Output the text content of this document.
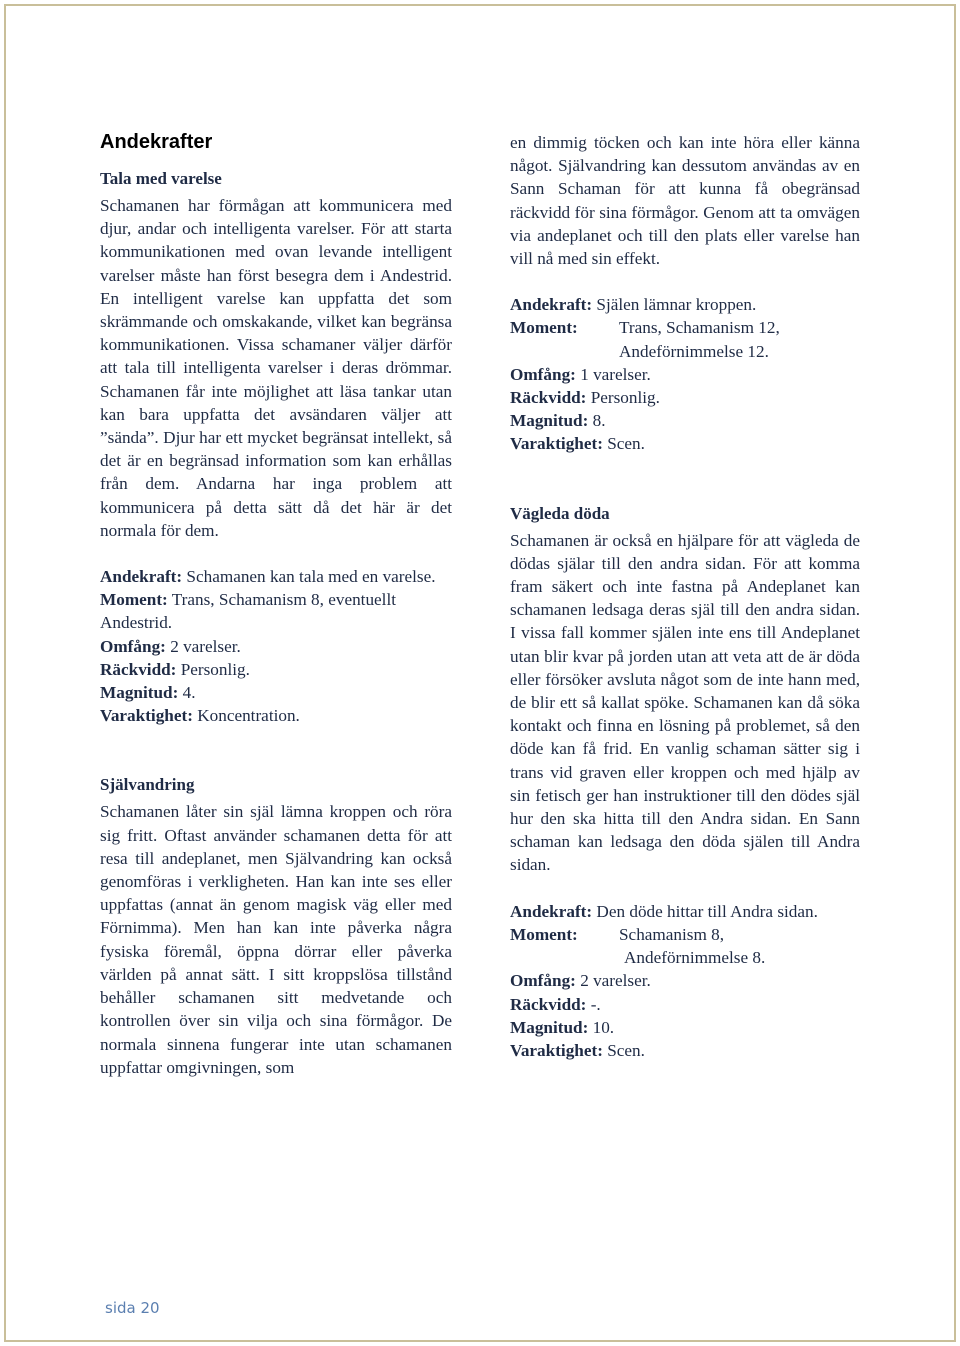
Andekrafter
Tala med varelse

Schamanen har förmågan att kommunicera med djur, andar och intelligenta varelser. För att starta kommunikationen med ovan levande intelligent varelser måste han först besegra dem i Andestrid. En intelligent varelse kan uppfatta det som skrämmande och omskakande, vilket kan begränsa kommunikationen. Vissa schamaner väljer därför att tala till intelligenta varelser i deras drömmar. Schamanen får inte möjlighet att läsa tankar utan kan bara uppfatta det avsändaren väljer att ”sända”. Djur har ett mycket begränsat intellekt, så det är en begränsad information som kan erhållas från dem. Andarna har inga problem att kommunicera på detta sätt då det här är det normala för dem.

Andekraft: Schamanen kan tala med en varelse.
Moment: Trans, Schamanism 8, eventuellt Andestrid.
Omfång: 2 varelser.
Räckvidd: Personlig.
Magnitud: 4.
Varaktighet: Koncentration.
Självandring

Schamanen låter sin själ lämna kroppen och röra sig fritt. Oftast använder schamanen detta för att resa till andeplanet, men Självandring kan också genomföras i verkligheten. Han kan inte ses eller uppfattas (annat än genom magisk väg eller med Förnimma). Men han kan inte påverka några fysiska föremål, öppna dörrar eller påverka världen på annat sätt. I sitt kroppslösa tillstånd behåller schamanen sitt medvetande och kontrollen över sin vilja och sina förmågor. De normala sinnena fungerar inte utan schamanen uppfattar omgivningen, som

en dimmig töcken och kan inte höra eller känna något. Självandring kan dessutom användas av en Sann Schaman för att kunna få obegränsad räckvidd för sina förmågor. Genom att ta omvägen via andeplanet och till den plats eller varelse han vill nå med sin effekt.

Andekraft: Själen lämnar kroppen.
Moment: Trans, Schamanism 12,
Andeförnimmelse 12.
Omfång: 1 varelser.
Räckvidd: Personlig.
Magnitud: 8.
Varaktighet: Scen.
Vägleda döda

Schamanen är också en hjälpare för att vägleda de dödas själar till den andra sidan. För att komma fram säkert och inte fastna på Andeplanet kan schamanen ledsaga deras själ till den andra sidan. I vissa fall kommer själen inte ens till Andeplanet utan blir kvar på jorden utan att veta att de är döda eller försöker avsluta något som de inte hann med, de blir ett så kallat spöke. Schamanen kan då söka kontakt och finna en lösning på problemet, så den döde kan få frid. En vanlig schaman sätter sig i trans vid graven eller kroppen och med hjälp av sin fetisch ger han instruktioner till den dödes själ hur den ska hitta till den Andra sidan. En Sann schaman kan ledsaga den döda själen till Andra sidan.

Andekraft: Den döde hittar till Andra sidan.
Moment: Schamanism 8,
Andeförnimmelse 8.
Omfång: 2 varelser.
Räckvidd: -.
Magnitud: 10.
Varaktighet: Scen.
sida 20
